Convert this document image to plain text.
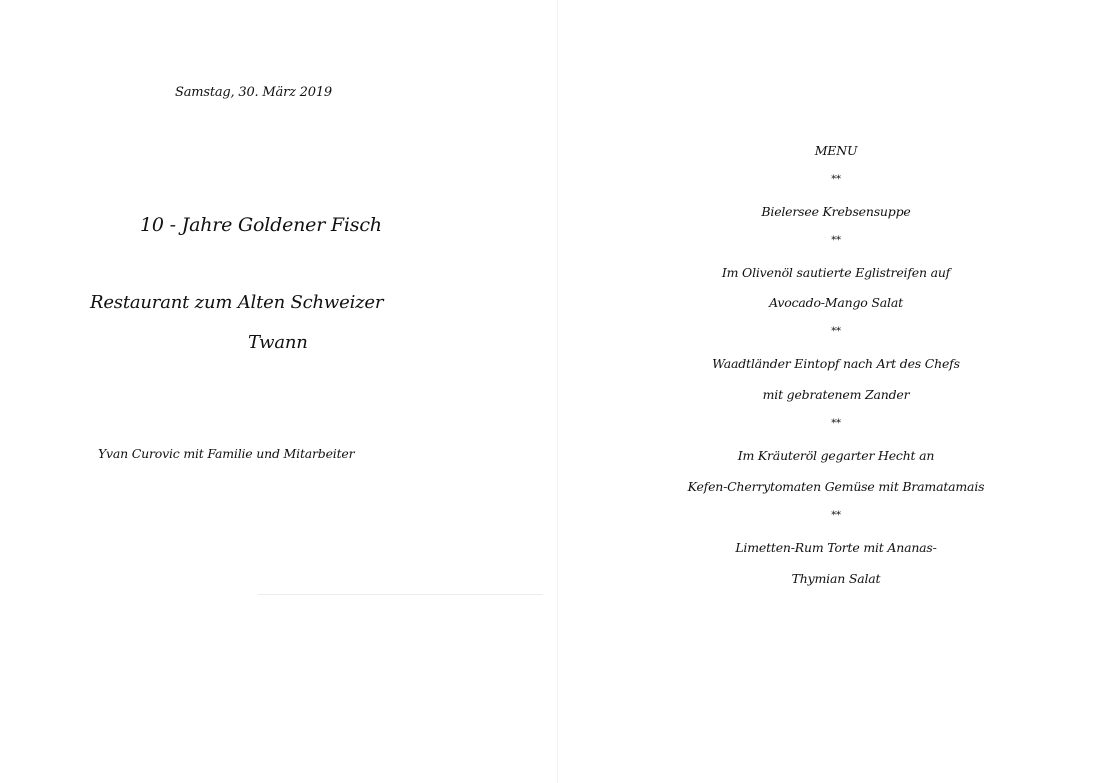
Samstag, 30. März 2019
10 - Jahre Goldener Fisch
Restaurant zum Alten Schweizer
Twann
Yvan Curovic mit Familie und Mitarbeiter
MENU
**
Bielersee Krebsensuppe
**
Im Olivenöl sautierte Eglistreifen auf
Avocado-Mango Salat
**
Waadtländer Eintopf nach Art des Chefs
mit gebratenem Zander
**
Im Kräuteröl gegarter Hecht an
Kefen-Cherrytomaten Gemüse mit Bramatamais
**
Limetten-Rum Torte mit Ananas-
Thymian Salat
